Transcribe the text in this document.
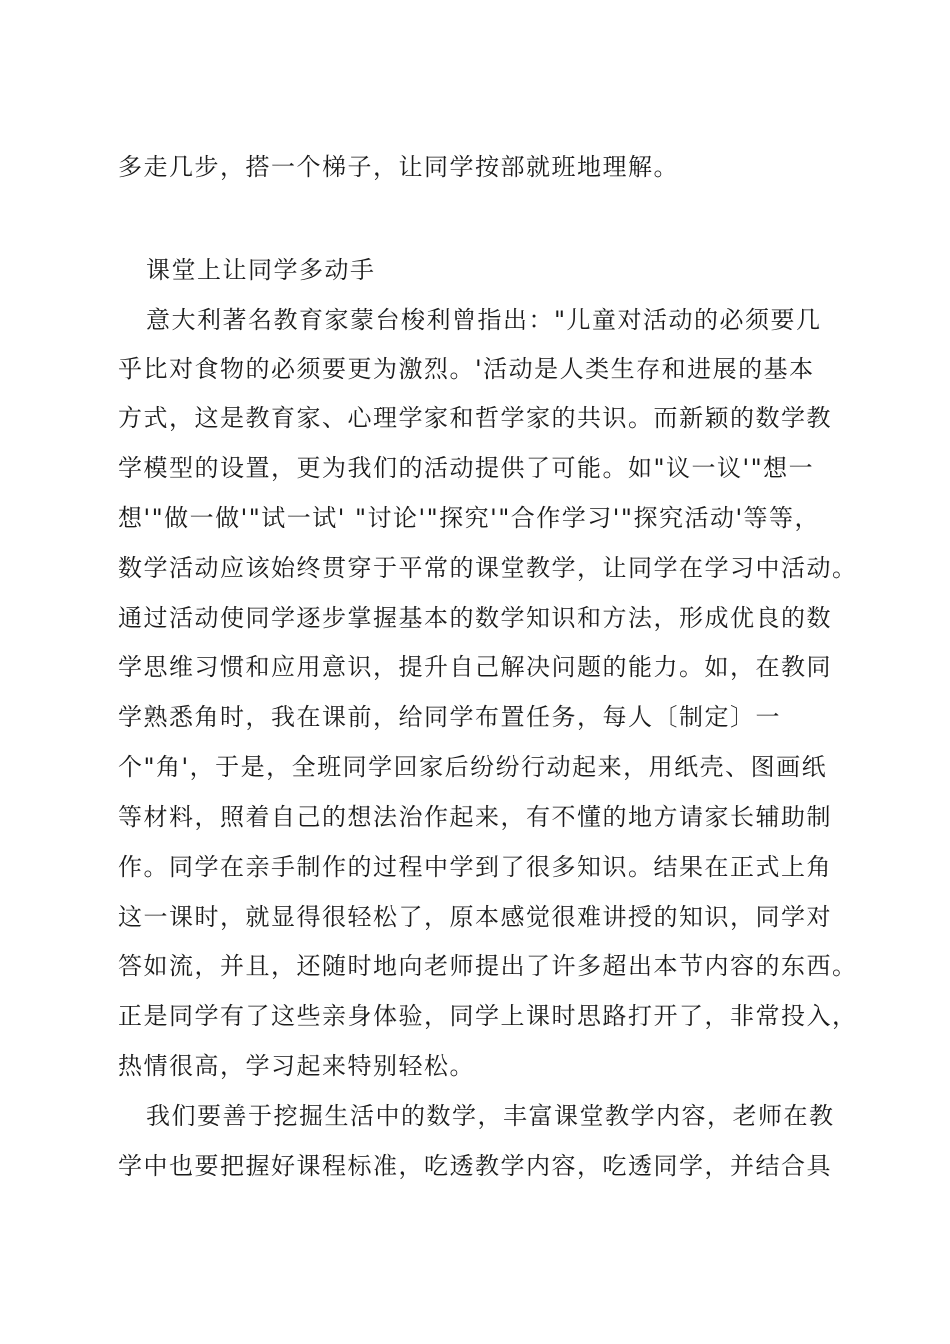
多走几步，搭一个梯子，让同学按部就班地理解。
课堂上让同学多动手
意大利著名教育家蒙台梭利曾指出："儿童对活动的必须要几
乎比对食物的必须要更为激烈。'活动是人类生存和进展的基本
方式，这是教育家、心理学家和哲学家的共识。而新颖的数学教
学模型的设置，更为我们的活动提供了可能。如"议一议'"想一
想'"做一做'"试一试' "讨论'"探究'"合作学习'"探究活动'等等，
数学活动应该始终贯穿于平常的课堂教学，让同学在学习中活动。
通过活动使同学逐步掌握基本的数学知识和方法，形成优良的数
学思维习惯和应用意识，提升自己解决问题的能力。如，在教同
学熟悉角时，我在课前，给同学布置任务，每人〔制定〕一
个"角'，于是，全班同学回家后纷纷行动起来，用纸壳、图画纸
等材料，照着自己的想法治作起来，有不懂的地方请家长辅助制
作。同学在亲手制作的过程中学到了很多知识。结果在正式上角
这一课时，就显得很轻松了，原本感觉很难讲授的知识，同学对
答如流，并且，还随时地向老师提出了许多超出本节内容的东西。
正是同学有了这些亲身体验，同学上课时思路打开了，非常投入，
热情很高，学习起来特别轻松。
我们要善于挖掘生活中的数学，丰富课堂教学内容，老师在教
学中也要把握好课程标准，吃透教学内容，吃透同学，并结合具
